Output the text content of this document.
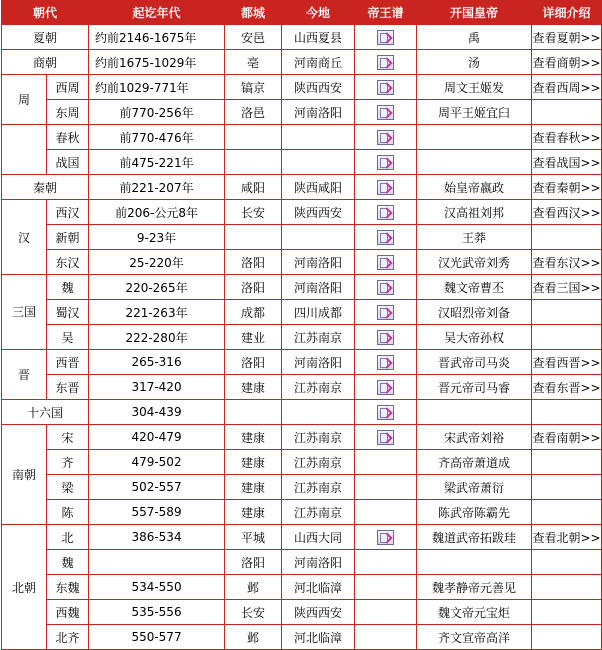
朝代		起讫年代	都城	今地	帝王谱	开国皇帝	详细介绍
夏朝		约前2146-1675年	安邑	山西夏县		禹	查看夏朝>>
商朝		约前1675-1029年	亳	河南商丘		汤	查看商朝>>
周	西周	约前1029-771年	镐京	陕西西安		周文王姬发	查看西周>>
	东周	前770-256年	洛邑	河南洛阳		周平王姬宜臼	
	春秋	前770-476年					查看春秋>>
	战国	前475-221年					查看战国>>
秦朝		前221-207年	咸阳	陕西咸阳		始皇帝嬴政	查看秦朝>>
汉	西汉	前206-公元8年	长安	陕西西安		汉高祖刘邦	查看西汉>>
	新朝	9-23年				王莽	
	东汉	25-220年	洛阳	河南洛阳		汉光武帝刘秀	查看东汉>>
三国	魏	220-265年	洛阳	河南洛阳		魏文帝曹丕	查看三国>>
	蜀汉	221-263年	成都	四川成都		汉昭烈帝刘备	
	吴	222-280年	建业	江苏南京		吴大帝孙权	
晋	西晋	265-316	洛阳	河南洛阳		晋武帝司马炎	查看西晋>>
	东晋	317-420	建康	江苏南京		晋元帝司马睿	查看东晋>>
十六国		304-439					
南朝	宋	420-479	建康	江苏南京		宋武帝刘裕	查看南朝>>
	齐	479-502	建康	江苏南京		齐高帝萧道成	
	梁	502-557	建康	江苏南京		梁武帝萧衍	
	陈	557-589	建康	江苏南京		陈武帝陈霸先	
北朝	北	386-534	平城	山西大同		魏道武帝拓跋珪	查看北朝>>
	魏		洛阳	河南洛阳			
	东魏	534-550	邺	河北临漳		魏孝静帝元善见	
	西魏	535-556	长安	陕西西安		魏文帝元宝炬	
	北齐	550-577	邺	河北临漳		齐文宣帝高洋	
